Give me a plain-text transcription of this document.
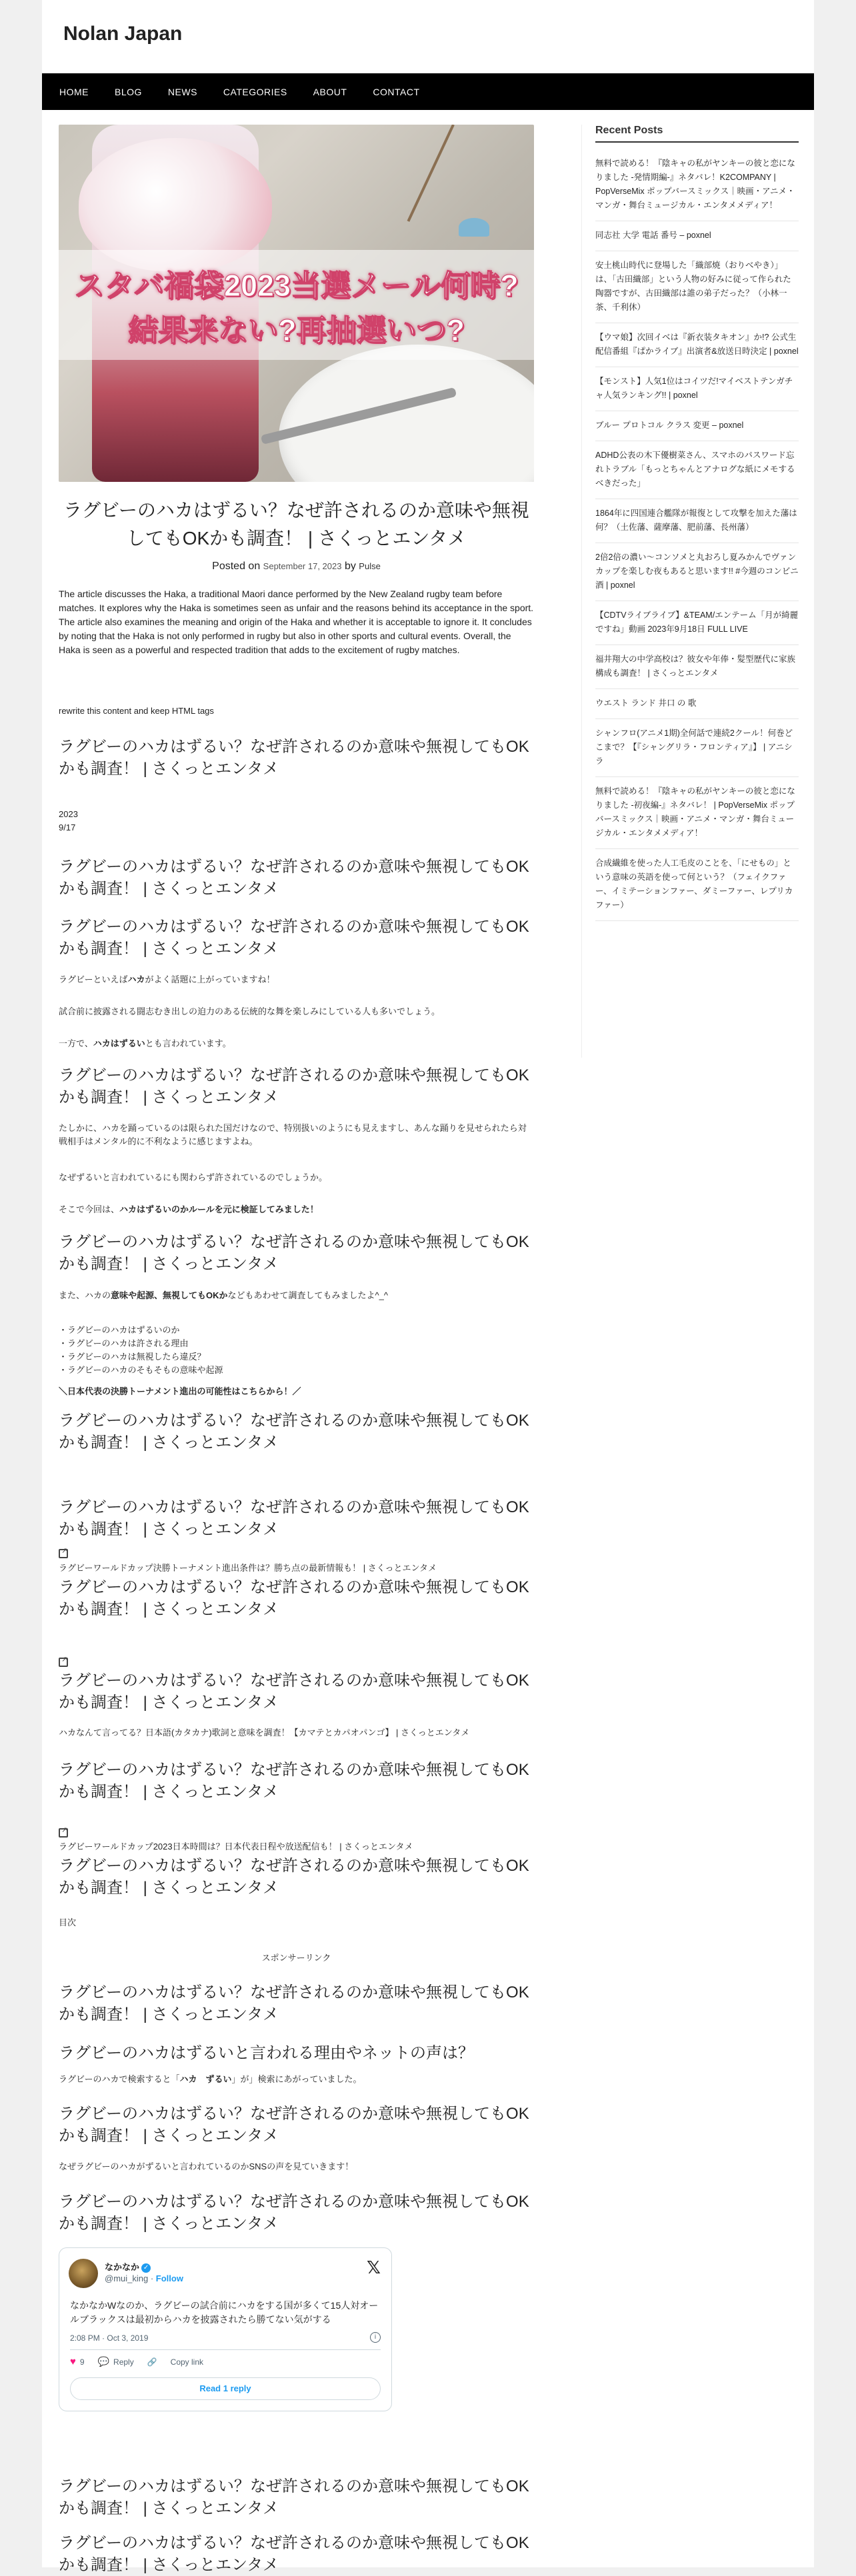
Nolan Japan
HOME	BLOG	NEWS	CATEGORIES	ABOUT	CONTACT
スタバ福袋2023当選メール何時?
結果来ない?再抽選いつ?
ラグビーのハカはずるい？なぜ許されるのか意味や無視してもOKかも調査！ | さくっとエンタメ
Posted on September 17, 2023 by Pulse

The article discusses the Haka, a traditional Maori dance performed by the New Zealand rugby team before matches. It explores why the Haka is sometimes seen as unfair and the reasons behind its acceptance in the sport. The article also examines the meaning and origin of the Haka and whether it is acceptable to ignore it. It concludes by noting that the Haka is not only performed in rugby but also in other sports and cultural events. Overall, the Haka is seen as a powerful and respected tradition that adds to the excitement of rugby matches.

rewrite this content and keep HTML tags
ラグビーのハカはずるい？なぜ許されるのか意味や無視してもOKかも調査！ | さくっとエンタメ
2023
9/17
ラグビーのハカはずるい？なぜ許されるのか意味や無視してもOKかも調査！ | さくっとエンタメ
ラグビーのハカはずるい？なぜ許されるのか意味や無視してもOKかも調査！ | さくっとエンタメ
ラグビーといえばハカがよく話題に上がっていますね！
試合前に披露される闘志むき出しの迫力のある伝統的な舞を楽しみにしている人も多いでしょう。
一方で、ハカはずるいとも言われています。
ラグビーのハカはずるい？なぜ許されるのか意味や無視してもOKかも調査！ | さくっとエンタメ
たしかに、ハカを踊っているのは限られた国だけなので、特別扱いのようにも見えますし、あんな踊りを見せられたら対戦相手はメンタル的に不利なように感じますよね。
なぜずるいと言われているにも関わらず許されているのでしょうか。
そこで今回は、ハカはずるいのかルールを元に検証してみました！
ラグビーのハカはずるい？なぜ許されるのか意味や無視してもOKかも調査！ | さくっとエンタメ
また、ハカの意味や起源、無視してもOKかなどもあわせて調査してもみましたよ^_^
・ラグビーのハカはずるいのか
・ラグビーのハカは許される理由
・ラグビーのハカは無視したら違反？
・ラグビーのハカのそもそもの意味や起源
＼日本代表の決勝トーナメント進出の可能性はこちらから！／
ラグビーのハカはずるい？なぜ許されるのか意味や無視してもOKかも調査！ | さくっとエンタメ
ラグビーのハカはずるい？なぜ許されるのか意味や無視してもOKかも調査！ | さくっとエンタメ
↗
ラグビーワールドカップ決勝トーナメント進出条件は？勝ち点の最新情報も！ | さくっとエンタメ
ラグビーのハカはずるい？なぜ許されるのか意味や無視してもOKかも調査！ | さくっとエンタメ
↗
ラグビーのハカはずるい？なぜ許されるのか意味や無視してもOKかも調査！ | さくっとエンタメ
ハカなんて言ってる？日本語(カタカナ)歌詞と意味を調査！【カマテとカパオパンゴ】 | さくっとエンタメ
ラグビーのハカはずるい？なぜ許されるのか意味や無視してもOKかも調査！ | さくっとエンタメ
↗
ラグビーワールドカップ2023日本時間は？日本代表日程や放送配信も！ | さくっとエンタメ
ラグビーのハカはずるい？なぜ許されるのか意味や無視してもOKかも調査！ | さくっとエンタメ
目次
スポンサーリンク
ラグビーのハカはずるい？なぜ許されるのか意味や無視してもOKかも調査！ | さくっとエンタメ
ラグビーのハカはずるいと言われる理由やネットの声は？
ラグビーのハカで検索すると「ハカ　ずるい」が」検索にあがっていました。
ラグビーのハカはずるい？なぜ許されるのか意味や無視してもOKかも調査！ | さくっとエンタメ
なぜラグビーのハカがずるいと言われているのかSNSの声を見ていきます！
ラグビーのハカはずるい？なぜ許されるのか意味や無視してもOKかも調査！ | さくっとエンタメ
なかなか ✓
@mui_king · Follow
𝕏
なかなかWなのか、ラグビーの試合前にハカをする国が多くて15人対オールブラックスは最初からハカを披露されたら勝てない気がする
2:08 PM · Oct 3, 2019	i
♥ 9 💬 Reply 🔗 Copy link
Read 1 reply
ラグビーのハカはずるい？なぜ許されるのか意味や無視してもOKかも調査！ | さくっとエンタメ
ラグビーのハカはずるい？なぜ許されるのか意味や無視してもOKかも調査！ | さくっとエンタメ
Recent Posts
無料で読める！『陰キャの私がヤンキーの彼と恋になりました -発情期編-』ネタバレ！K2COMPANY | PopVerseMix ポップバースミックス｜映画・アニメ・マンガ・舞台ミュージカル・エンタメメディア！
同志社 大学 電話 番号 – poxnel
安土桃山時代に登場した「織部焼（おりべやき）」は、「古田織部」という人物の好みに従って作られた陶器ですが、古田織部は誰の弟子だった？（小林一茶、千利休）
【ウマ娘】次回イベは『新衣装タキオン』か!? 公式生配信番組『ぱかライブ』出演者&放送日時決定 | poxnel
【モンスト】人気1位はコイツだ!マイベストテンガチャ人気ランキング!! | poxnel
ブルー プロトコル クラス 変更 – poxnel
ADHD公表の木下優樹菜さん、スマホのパスワード忘れトラブル「もっとちゃんとアナログな紙にメモするべきだった」
1864年に四国連合艦隊が報復として攻撃を加えた藩は何？（土佐藩、薩摩藩、肥前藩、長州藩）
2倍2倍の濃い～コンソメと丸おろし夏みかんでヴァンカップを楽しむ夜もあると思います!! #今週のコンビニ酒 | poxnel
【CDTVライブライブ】&TEAM/エンテーム「月が綺麗ですね」動画 2023年9月18日 FULL LIVE
福井翔大の中学高校は？彼女や年俸・髪型歴代に家族構成も調査！ | さくっとエンタメ
ウエスト ランド 井口 の 歌
シャンフロ(アニメ1期)全何話で連続2クール！何巻どこまで？【『シャングリラ・フロンティア』】 | アニシラ
無料で読める！『陰キャの私がヤンキーの彼と恋になりました -初夜編-』ネタバレ！ | PopVerseMix ポップバースミックス｜映画・アニメ・マンガ・舞台ミュージカル・エンタメメディア！
合成繊維を使った人工毛皮のことを、「にせもの」という意味の英語を使って何という？（フェイクファー、イミテーションファー、ダミーファー、レプリカファー）
